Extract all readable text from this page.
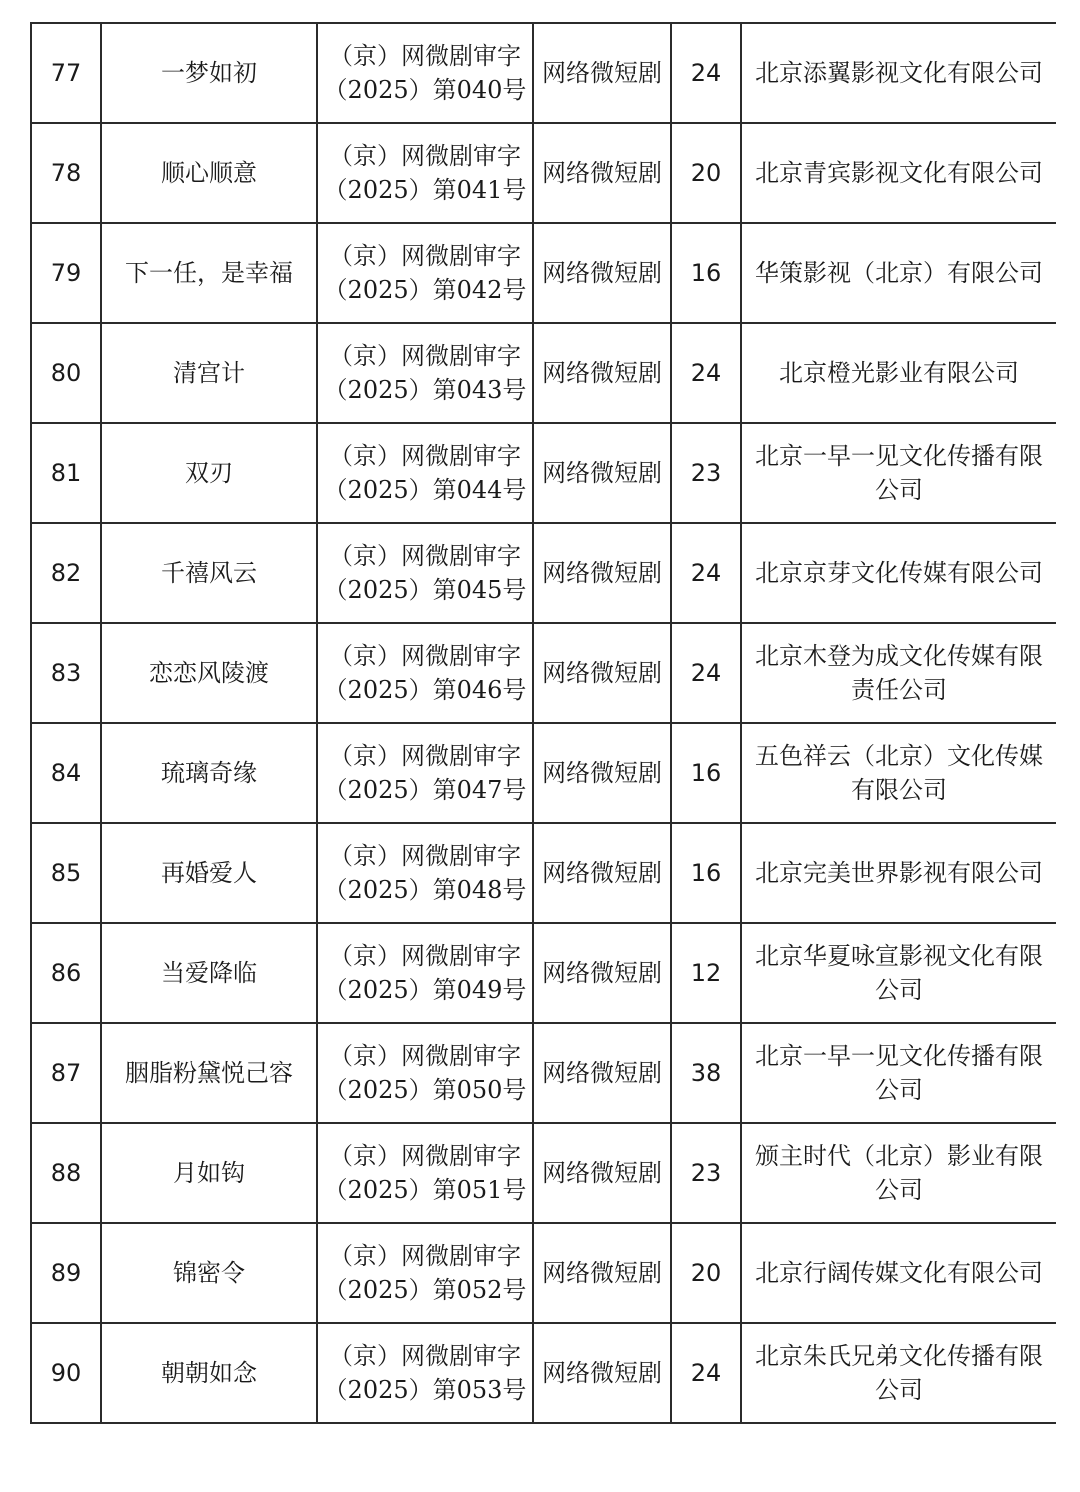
77	一梦如初	（京）网微剧审字
（2025）第040号	网络微短剧	24	北京添翼影视文化有限公司
78	顺心顺意	（京）网微剧审字
（2025）第041号	网络微短剧	20	北京青宾影视文化有限公司
79	下一任，是幸福	（京）网微剧审字
（2025）第042号	网络微短剧	16	华策影视（北京）有限公司
80	清宫计	（京）网微剧审字
（2025）第043号	网络微短剧	24	北京橙光影业有限公司
81	双刃	（京）网微剧审字
（2025）第044号	网络微短剧	23	北京一早一见文化传播有限公司
82	千禧风云	（京）网微剧审字
（2025）第045号	网络微短剧	24	北京京芽文化传媒有限公司
83	恋恋风陵渡	（京）网微剧审字
（2025）第046号	网络微短剧	24	北京木登为成文化传媒有限责任公司
84	琉璃奇缘	（京）网微剧审字
（2025）第047号	网络微短剧	16	五色祥云（北京）文化传媒有限公司
85	再婚爱人	（京）网微剧审字
（2025）第048号	网络微短剧	16	北京完美世界影视有限公司
86	当爱降临	（京）网微剧审字
（2025）第049号	网络微短剧	12	北京华夏咏宣影视文化有限公司
87	胭脂粉黛悦己容	（京）网微剧审字
（2025）第050号	网络微短剧	38	北京一早一见文化传播有限公司
88	月如钩	（京）网微剧审字
（2025）第051号	网络微短剧	23	颁主时代（北京）影业有限公司
89	锦密令	（京）网微剧审字
（2025）第052号	网络微短剧	20	北京行阔传媒文化有限公司
90	朝朝如念	（京）网微剧审字
（2025）第053号	网络微短剧	24	北京朱氏兄弟文化传播有限公司
